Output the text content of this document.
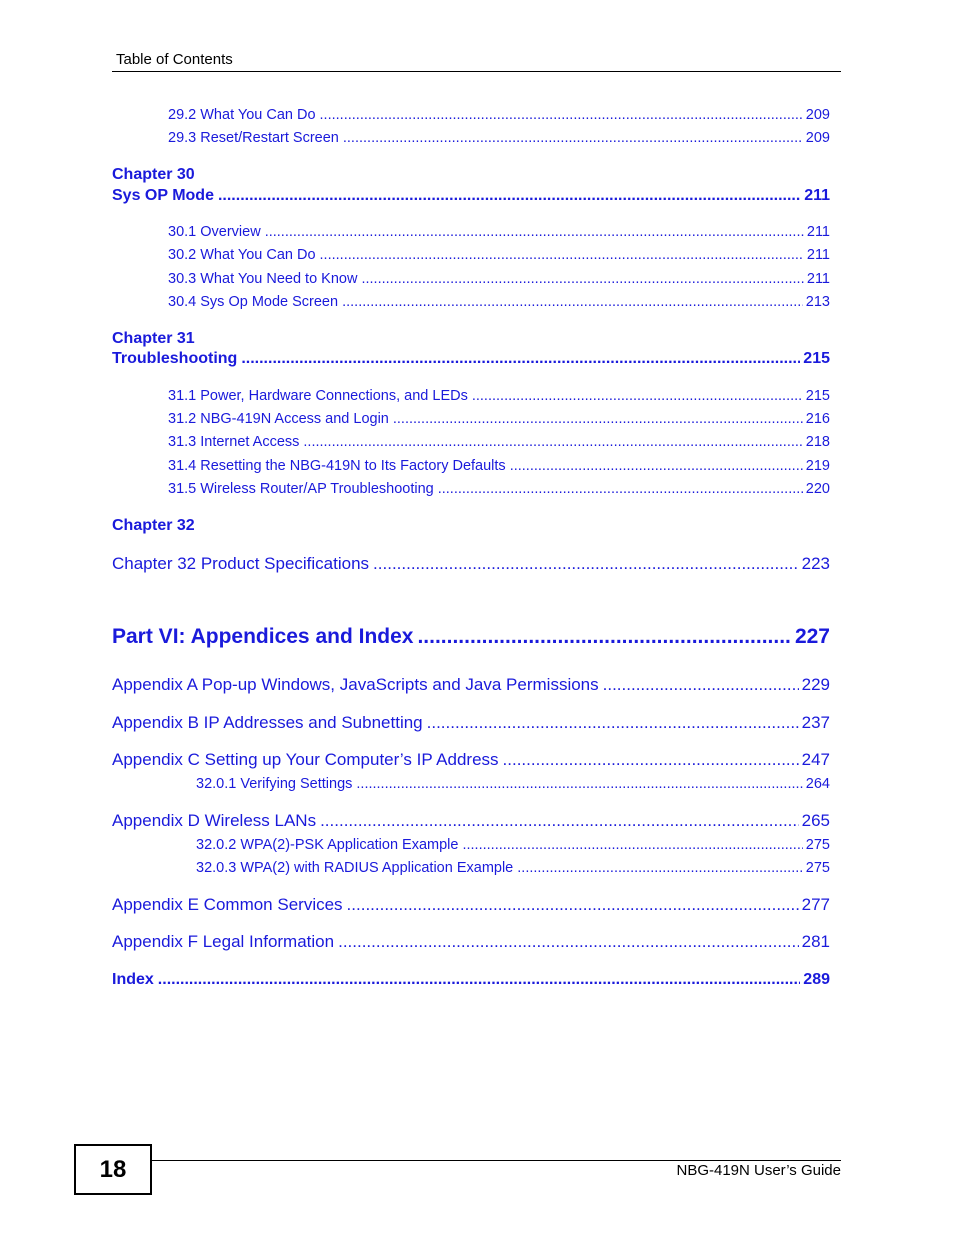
Table of Contents
29.2 What You Can Do .....	209
29.3 Reset/Restart Screen .....	209
Chapter 30
Sys OP Mode .....	211
30.1 Overview .....	211
30.2 What You Can Do .....	211
30.3 What You Need to Know .....	211
30.4 Sys Op Mode Screen .....	213
Chapter 31
Troubleshooting .....	215
31.1 Power, Hardware Connections, and LEDs .....	215
31.2 NBG-419N Access and Login .....	216
31.3 Internet Access .....	218
31.4 Resetting the NBG-419N to Its Factory Defaults .....	219
31.5 Wireless Router/AP Troubleshooting .....	220
Chapter 32
Chapter 32 Product Specifications .....	223
Part VI: Appendices and Index .....	227
Appendix A Pop-up Windows, JavaScripts and Java Permissions .....	229
Appendix B IP Addresses and Subnetting .....	237
Appendix C Setting up Your Computer’s IP Address .....	247
32.0.1 Verifying Settings .....	264
Appendix D Wireless LANs .....	265
32.0.2 WPA(2)-PSK Application Example .....	275
32.0.3 WPA(2) with RADIUS Application Example .....	275
Appendix E Common Services .....	277
Appendix F Legal Information .....	281
Index .....	289
18	NBG-419N User’s Guide
